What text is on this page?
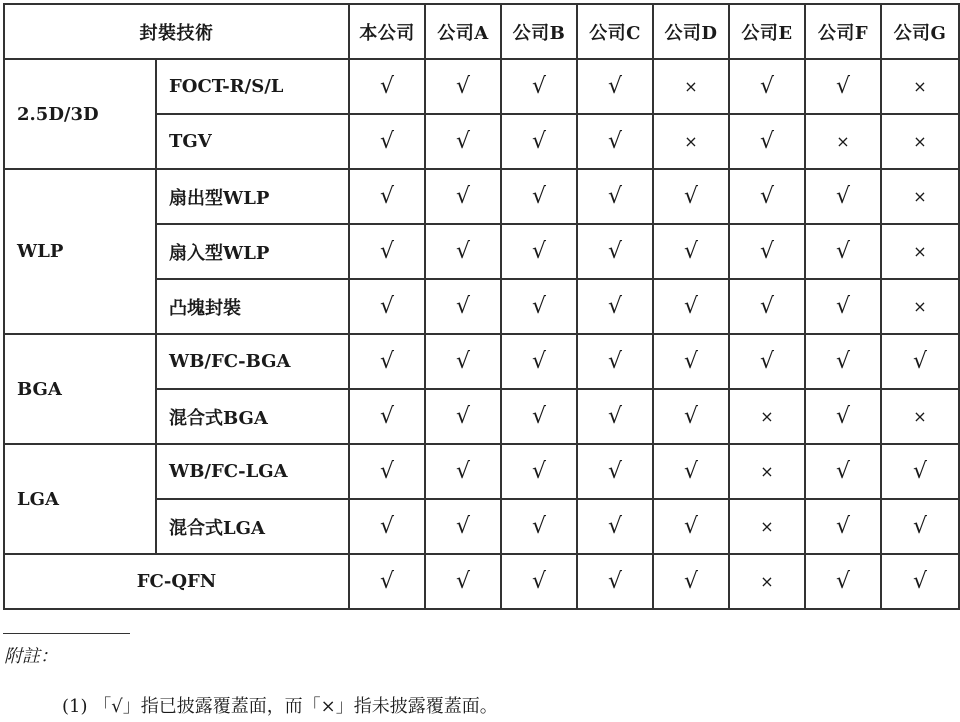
封裝技術		本公司	公司A	公司B	公司C	公司D	公司E	公司F	公司G
2.5D/3D	FOCT-R/S/L	√	√	√	√	×	√	√	×
	TGV	√	√	√	√	×	√	×	×
WLP	扇出型WLP	√	√	√	√	√	√	√	×
	扇入型WLP	√	√	√	√	√	√	√	×
	凸塊封裝	√	√	√	√	√	√	√	×
BGA	WB/FC-BGA	√	√	√	√	√	√	√	√
	混合式BGA	√	√	√	√	√	×	√	×
LGA	WB/FC-LGA	√	√	√	√	√	×	√	√
	混合式LGA	√	√	√	√	√	×	√	√
FC-QFN		√	√	√	√	√	×	√	√
附註：
(1) 「√」指已披露覆蓋面，而「×」指未披露覆蓋面。
